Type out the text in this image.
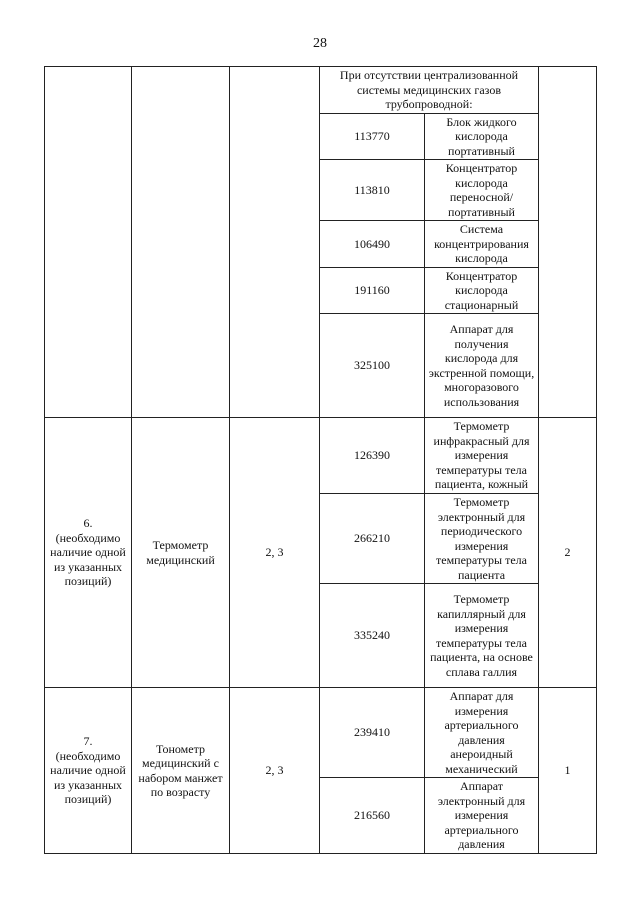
28
			При отсутствии централизованной системы медицинских газов трубопроводной:		
			113770	Блок жидкого кислорода портативный	
			113810	Концентратор кислорода переносной/ портативный	
			106490	Система концентрирования кислорода	
			191160	Концентратор кислорода стационарный	
			325100	Аппарат для получения кислорода для экстренной помощи, многоразового использования	

6.
(необходимо наличие одной из указанных позиций)	Термометр медицинский	2, 3	126390	Термометр инфракрасный для измерения температуры тела пациента, кожный	2
			266210	Термометр электронный для периодического измерения температуры тела пациента	
			335240	Термометр капиллярный для измерения температуры тела пациента, на основе сплава галлия	

7.
(необходимо наличие одной из указанных позиций)	Тонометр медицинский с набором манжет по возрасту	2, 3	239410	Аппарат для измерения артериального давления анероидный механический	1
			216560	Аппарат электронный для измерения артериального давления	
